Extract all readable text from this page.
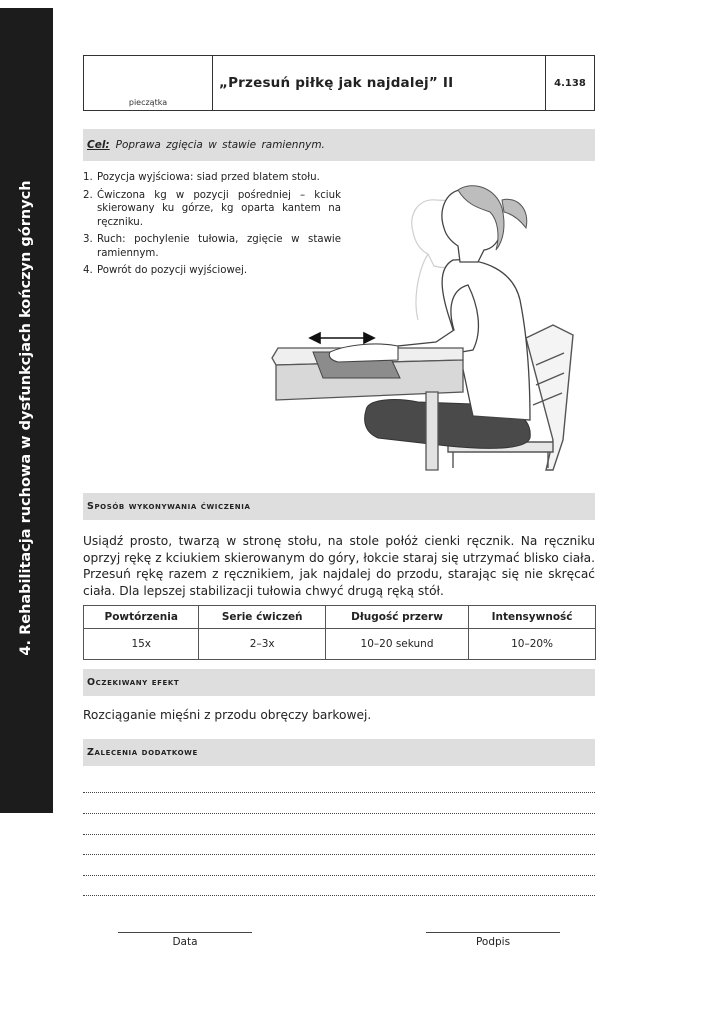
4. Rehabilitacja ruchowa w dysfunkcjach kończyn górnych
pieczątka
„Przesuń piłkę jak najdalej” II	4.138
Cel: Poprawa zgięcia w stawie ramiennym.
1. Pozycja wyjściowa: siad przed blatem stołu.
2. Ćwiczona kg w pozycji pośredniej – kciuk skierowany ku górze, kg oparta kantem na ręczniku.
3. Ruch: pochylenie tułowia, zgięcie w stawie ramiennym.
4. Powrót do pozycji wyjściowej.
Sposób wykonywania ćwiczenia

Usiądź prosto, twarzą w stronę stołu, na stole połóż cienki ręcznik. Na ręczniku oprzyj rękę z kciukiem skierowanym do góry, łokcie staraj się utrzymać blisko ciała. Przesuń rękę razem z ręcznikiem, jak najdalej do przodu, starając się nie skręcać ciała. Dla lepszej stabilizacji tułowia chwyć drugą ręką stół.

Powtórzenia	Serie ćwiczeń	Długość przerw	Intensywność
15x	2–3x	10–20 sekund	10–20%
Oczekiwany efekt

Rozciąganie mięśni z przodu obręczy barkowej.

Zalecenia dodatkowe
Data	Podpis
